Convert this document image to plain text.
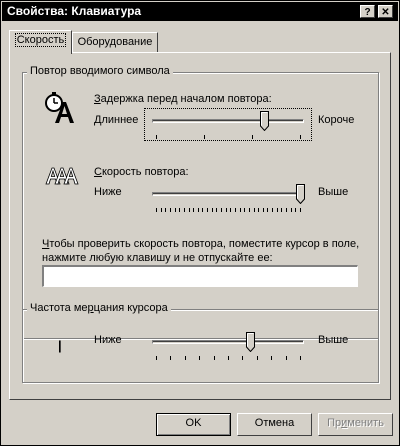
Свойства: Клавиатура	?	✕
Скорость	Оборудование
Повтор вводимого символа
Задержка перед началом повтора:
Длиннее	Короче
Скорость повтора:
Ниже	Выше
Чтобы проверить скорость повтора, поместите курсор в поле, нажмите любую клавишу и не отпускайте ее:
Частота мерцания курсора
|	Ниже	Выше
OK	Отмена	Применить
